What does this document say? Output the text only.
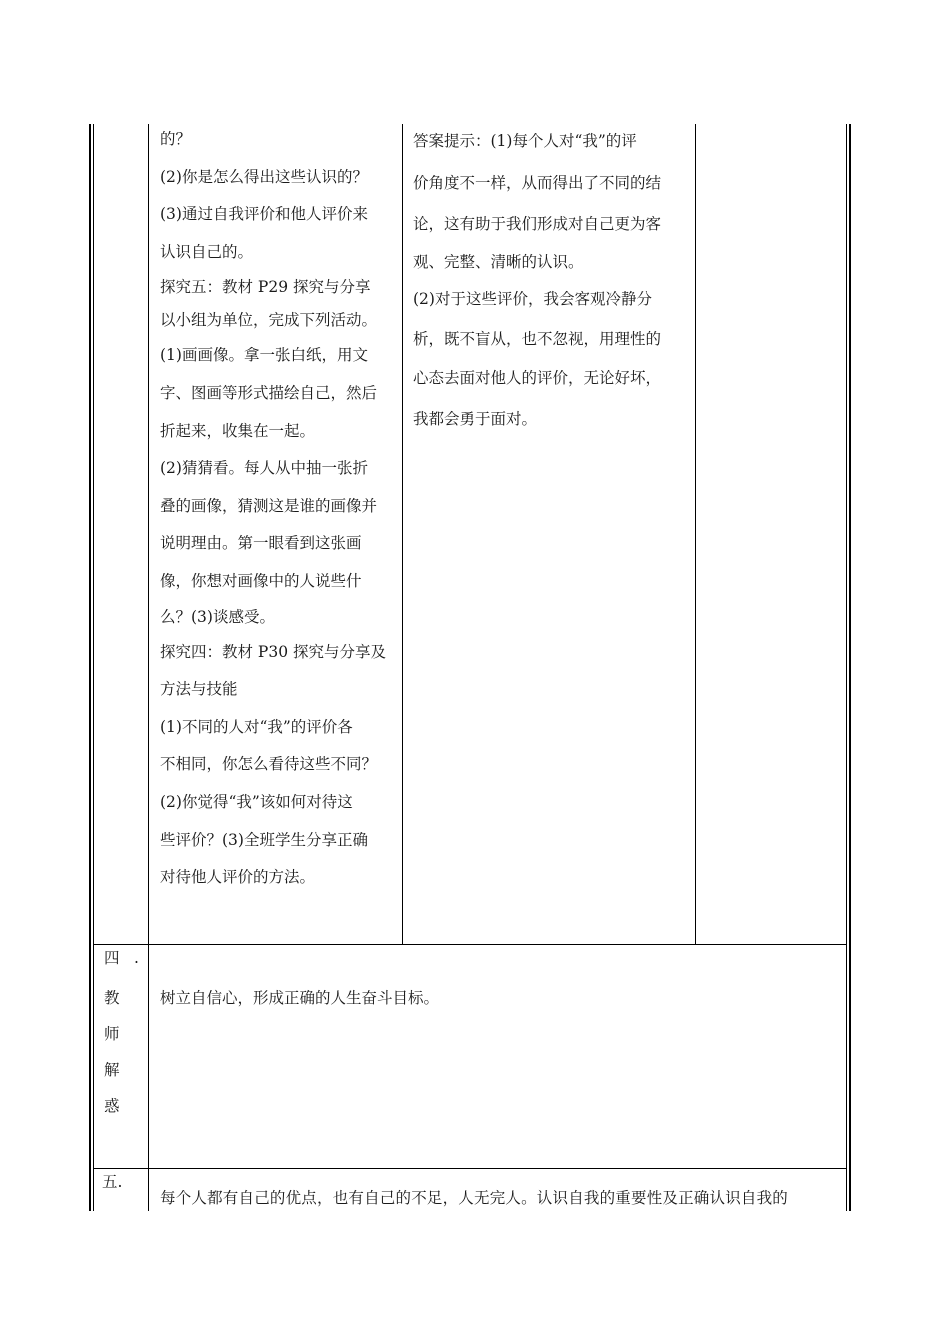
的？

(2)你是怎么得出这些认识的？

(3)通过自我评价和他人评价来

认识自己的。

探究五：教材 P29 探究与分享

以小组为单位，完成下列活动。

(1)画画像。拿一张白纸，用文

字、图画等形式描绘自己，然后

折起来，收集在一起。

(2)猜猜看。每人从中抽一张折

叠的画像，猜测这是谁的画像并

说明理由。第一眼看到这张画

像，你想对画像中的人说些什

么？(3)谈感受。

探究四：教材 P30 探究与分享及

方法与技能

(1)不同的人对“我”的评价各

不相同，你怎么看待这些不同？

(2)你觉得“我”该如何对待这

些评价？(3)全班学生分享正确

对待他人评价的方法。

答案提示：(1)每个人对“我”的评

价角度不一样，从而得出了不同的结

论，这有助于我们形成对自己更为客

观、完整、清晰的认识。

(2)对于这些评价，我会客观冷静分

析，既不盲从，也不忽视，用理性的

心态去面对他人的评价，无论好坏，

我都会勇于面对。

四 .
教
师
解
惑
树立自信心，形成正确的人生奋斗目标。
五.
每个人都有自己的优点，也有自己的不足，人无完人。认识自我的重要性及正确认识自我的
